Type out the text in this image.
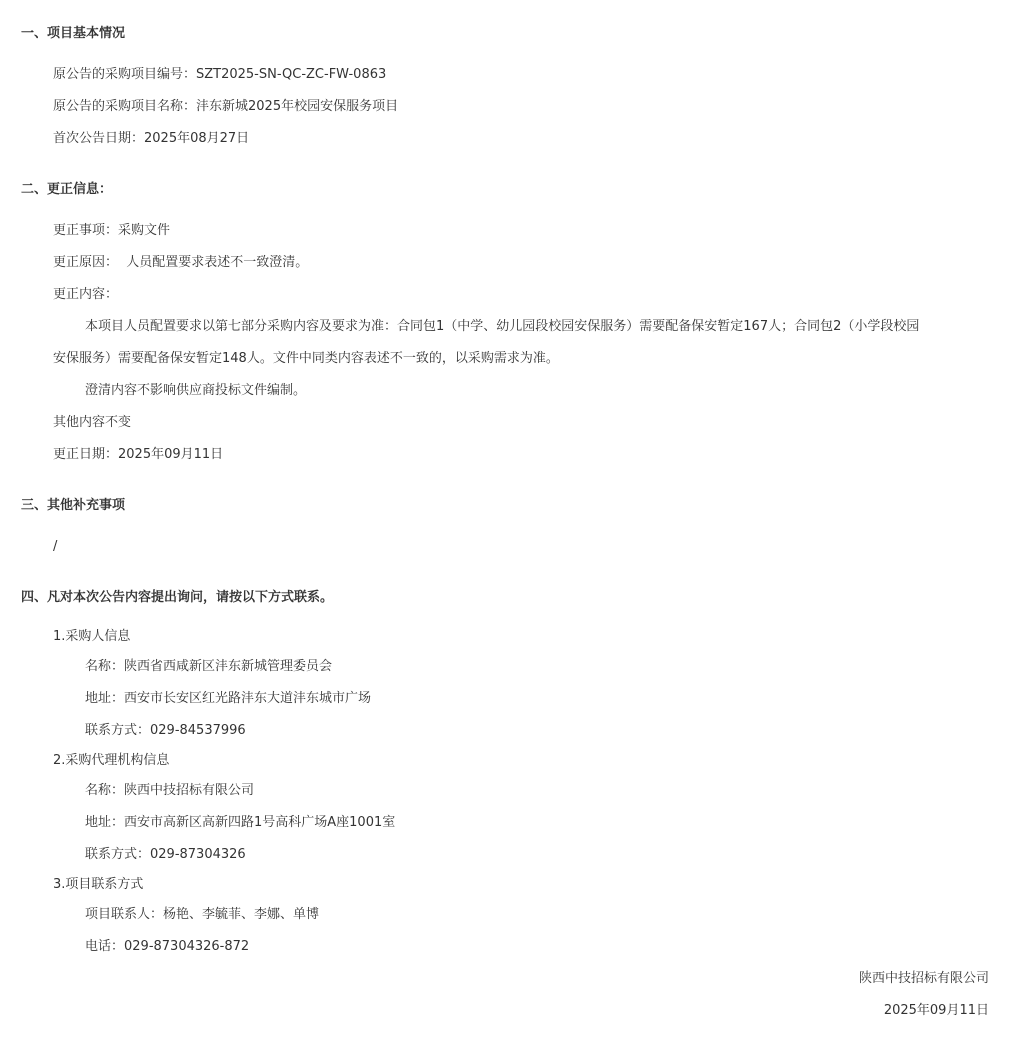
一、项目基本情况
原公告的采购项目编号：SZT2025-SN-QC-ZC-FW-0863
原公告的采购项目名称：沣东新城2025年校园安保服务项目
首次公告日期：2025年08月27日
二、更正信息：
更正事项：采购文件
更正原因：  人员配置要求表述不一致澄清。
更正内容：
本项目人员配置要求以第七部分采购内容及要求为准：合同包1（中学、幼儿园段校园安保服务）需要配备保安暂定167人；合同包2（小学段校园
安保服务）需要配备保安暂定148人。文件中同类内容表述不一致的，以采购需求为准。
澄清内容不影响供应商投标文件编制。
其他内容不变
更正日期：2025年09月11日
三、其他补充事项
/
四、凡对本次公告内容提出询问，请按以下方式联系。
1.采购人信息
名称：陕西省西咸新区沣东新城管理委员会
地址：西安市长安区红光路沣东大道沣东城市广场
联系方式：029-84537996
2.采购代理机构信息
名称：陕西中技招标有限公司
地址：西安市高新区高新四路1号高科广场A座1001室
联系方式：029-87304326
3.项目联系方式
项目联系人：杨艳、李毓菲、李娜、单博
电话：029-87304326-872
陕西中技招标有限公司
2025年09月11日
